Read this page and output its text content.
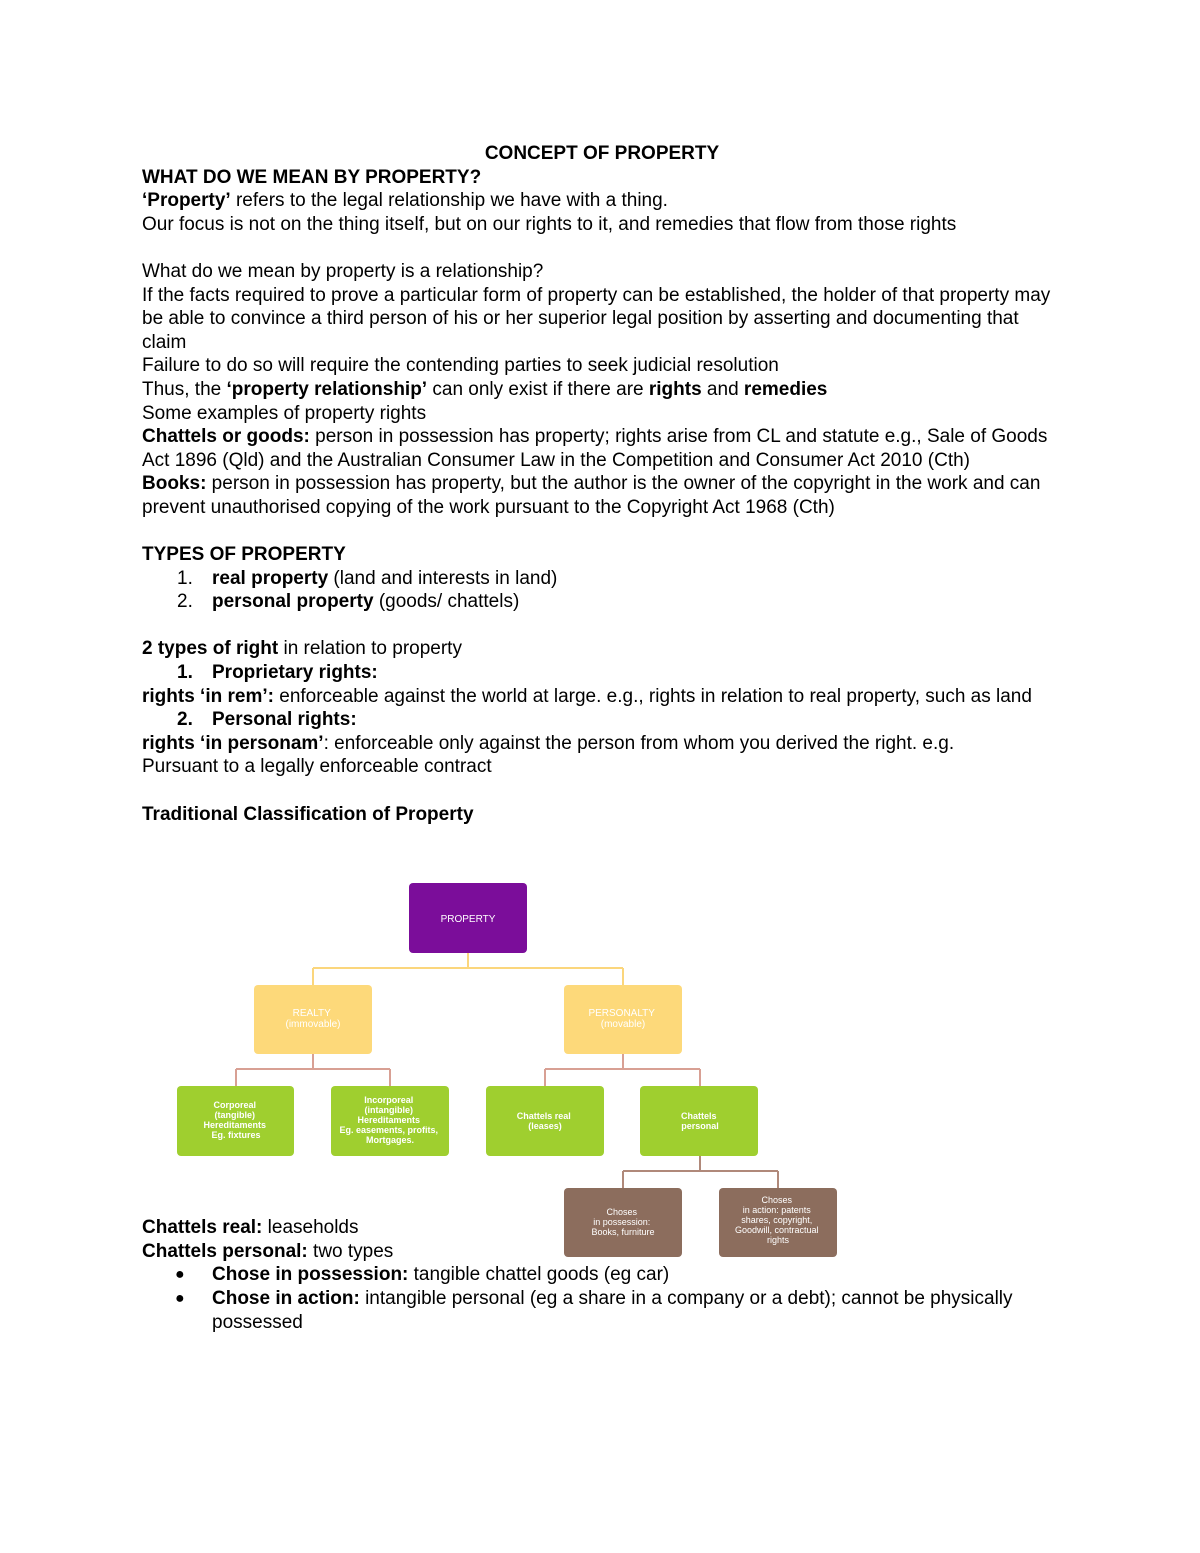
CONCEPT OF PROPERTY

WHAT DO WE MEAN BY PROPERTY?

‘Property’ refers to the legal relationship we have with a thing.

Our focus is not on the thing itself, but on our rights to it, and remedies that flow from those rights

What do we mean by property is a relationship?

If the facts required to prove a particular form of property can be established, the holder of that property may be able to convince a third person of his or her superior legal position by asserting and documenting that claim

Failure to do so will require the contending parties to seek judicial resolution

Thus, the ‘property relationship’ can only exist if there are rights and remedies

Some examples of property rights

Chattels or goods: person in possession has property; rights arise from CL and statute e.g., Sale of Goods Act 1896 (Qld) and the Australian Consumer Law in the Competition and Consumer Act 2010 (Cth)

Books: person in possession has property, but the author is the owner of the copyright in the work and can prevent unauthorised copying of the work pursuant to the Copyright Act 1968 (Cth)

TYPES OF PROPERTY

1.	real property (land and interests in land)
2.	personal property (goods/ chattels)

2 types of right in relation to property

1.	Proprietary rights:

rights ‘in rem’: enforceable against the world at large. e.g., rights in relation to real property, such as land

2.	Personal rights:

rights ‘in personam’: enforceable only against the person from whom you derived the right. e.g.

Pursuant to a legally enforceable contract

Traditional Classification of Property

Chattels real: leaseholds

Chattels personal: two types

●	Chose in possession: tangible chattel goods (eg car)
●	Chose in action: intangible personal (eg a share in a company or a debt); cannot be physically possessed
PROPERTY
REALTY (immovable)
PERSONALTY (movable)
Corporeal (tangible) Hereditaments Eg. fixtures
Incorporeal (intangible) Hereditaments Eg. easements, profits, Mortgages.
Chattels real (leases)
Chattels personal
Choses in possession: Books, furniture
Choses in action: patents shares, copyright, Goodwill, contractual rights
